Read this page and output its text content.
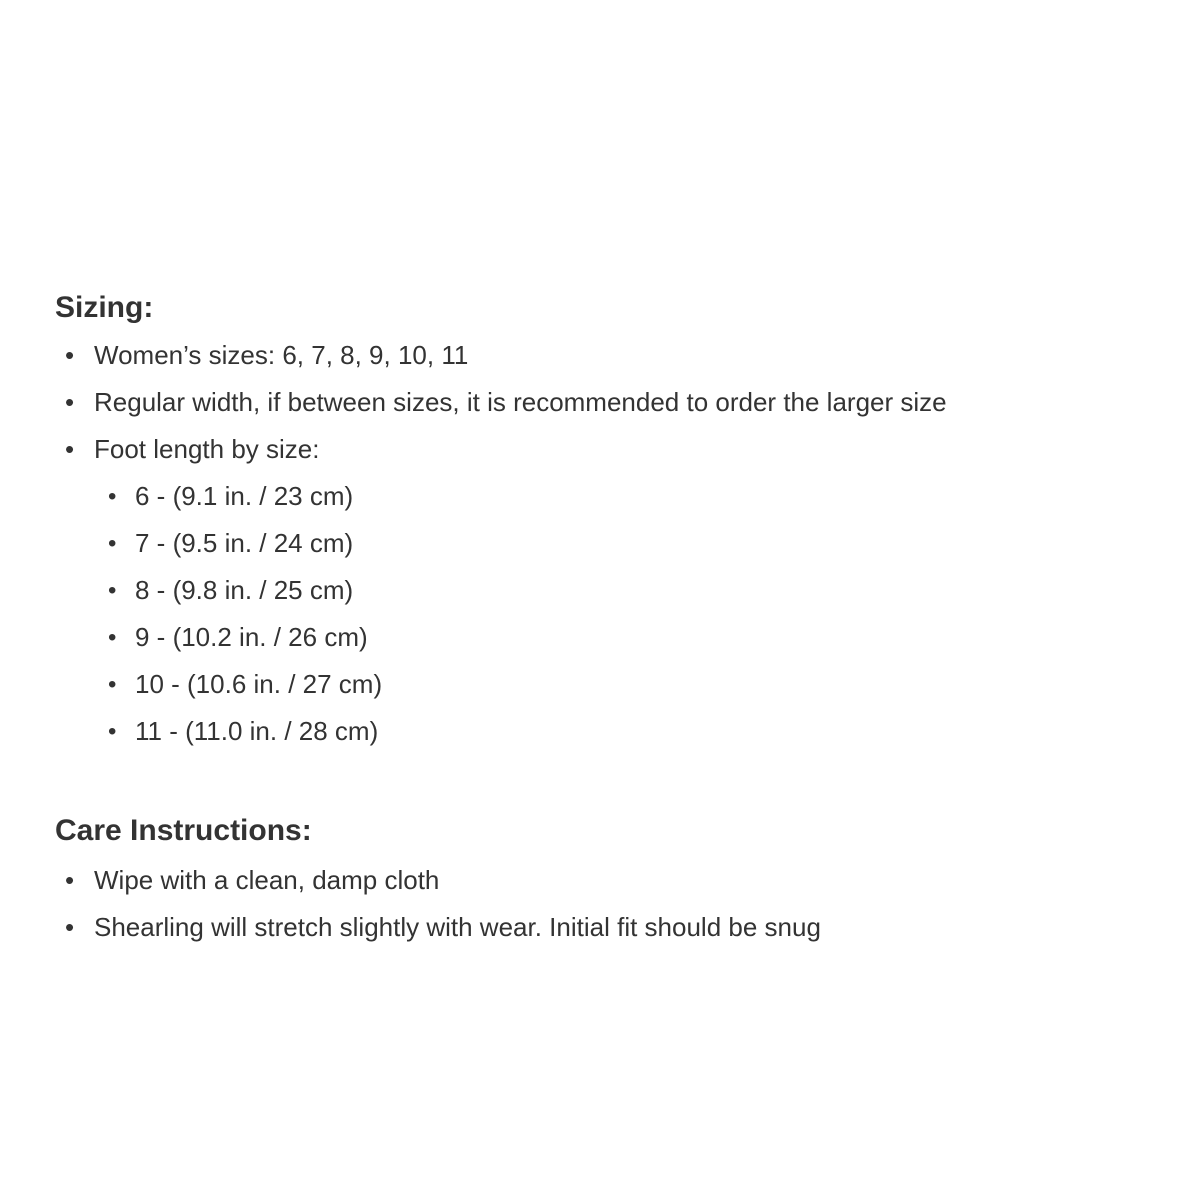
Sizing:
• Women’s sizes: 6, 7, 8, 9, 10, 11
• Regular width, if between sizes, it is recommended to order the larger size
• Foot length by size:
• 6 - (9.1 in. / 23 cm)
• 7 - (9.5 in. / 24 cm)
• 8 - (9.8 in. / 25 cm)
• 9 - (10.2 in. / 26 cm)
• 10 - (10.6 in. / 27 cm)
• 11 - (11.0 in. / 28 cm)
Care Instructions:
• Wipe with a clean, damp cloth
• Shearling will stretch slightly with wear. Initial fit should be snug
